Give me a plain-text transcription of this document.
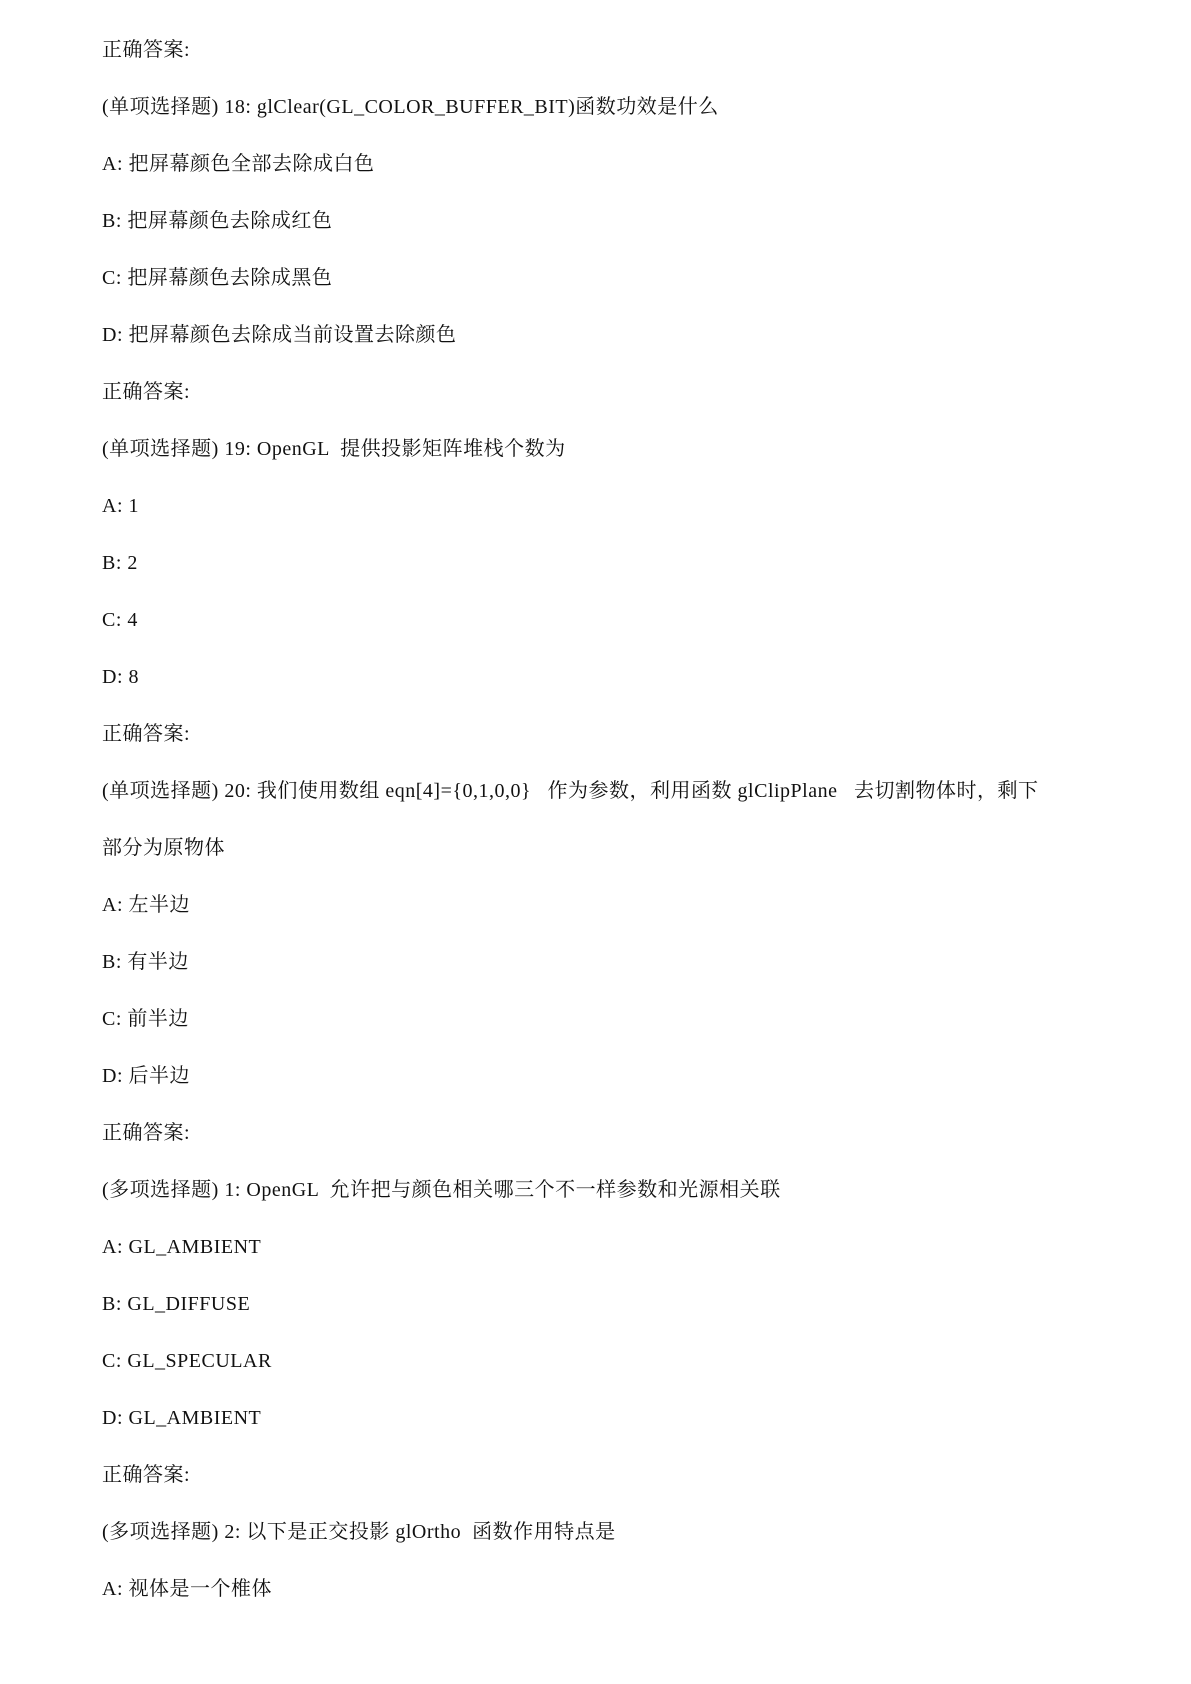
正确答案:
(单项选择题) 18: glClear(GL_COLOR_BUFFER_BIT)函数功效是什么
A: 把屏幕颜色全部去除成白色
B: 把屏幕颜色去除成红色
C: 把屏幕颜色去除成黑色
D: 把屏幕颜色去除成当前设置去除颜色
正确答案:
(单项选择题) 19: OpenGL  提供投影矩阵堆栈个数为
A: 1
B: 2
C: 4
D: 8
正确答案:
(单项选择题) 20: 我们使用数组 eqn[4]={0,1,0,0}   作为参数，利用函数 glClipPlane   去切割物体时，剩下
部分为原物体
A: 左半边
B: 有半边
C: 前半边
D: 后半边
正确答案:
(多项选择题) 1: OpenGL  允许把与颜色相关哪三个不一样参数和光源相关联
A: GL_AMBIENT
B: GL_DIFFUSE
C: GL_SPECULAR
D: GL_AMBIENT
正确答案:
(多项选择题) 2: 以下是正交投影 glOrtho  函数作用特点是
A: 视体是一个椎体
